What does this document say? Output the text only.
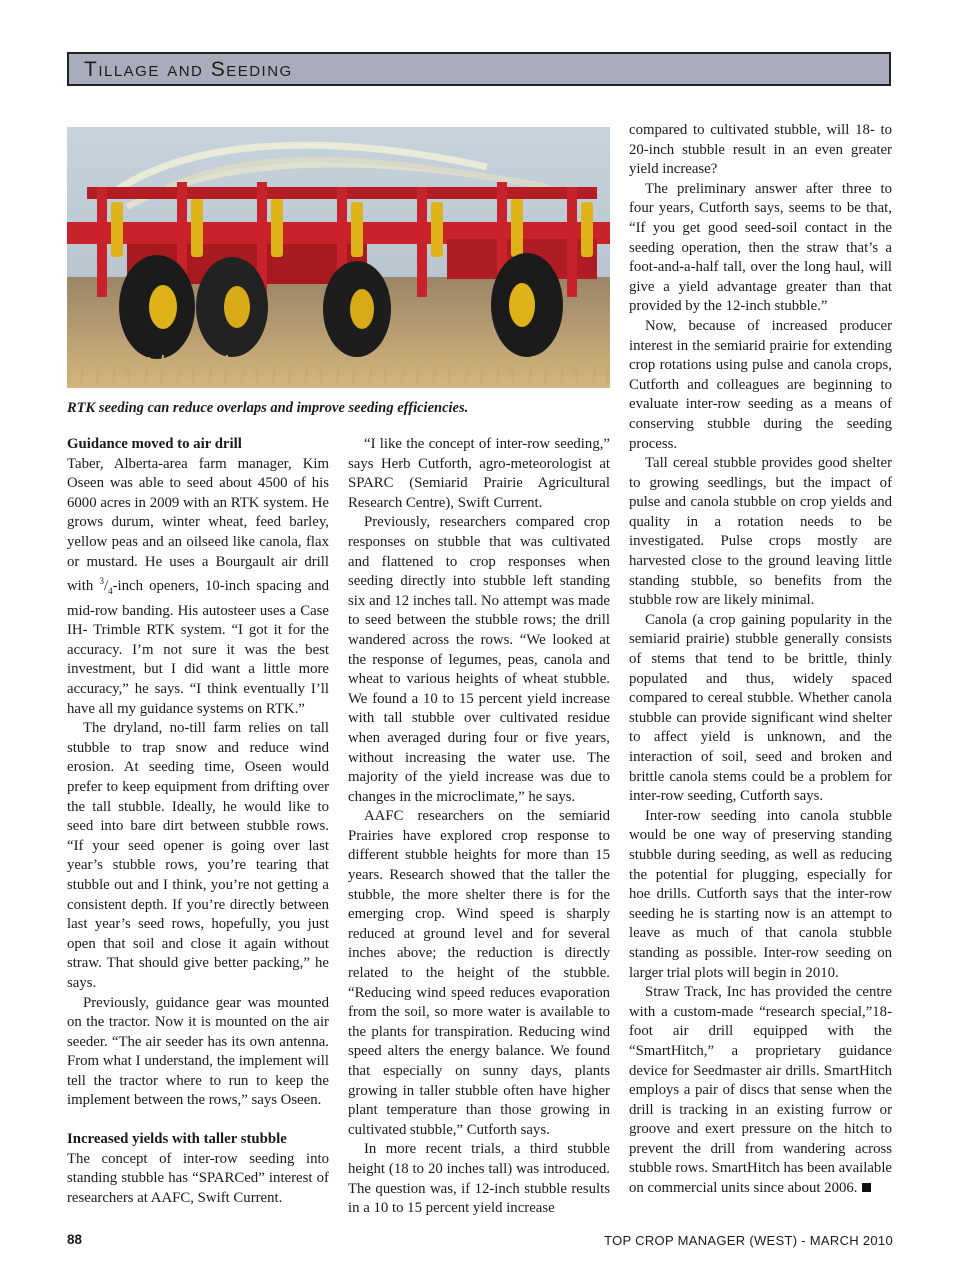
Tillage and Seeding
RTK seeding can reduce overlaps and improve seeding efficiencies.
Guidance moved to air drill

Taber, Alberta-area farm manager, Kim Oseen was able to seed about 4500 of his 6000 acres in 2009 with an RTK system. He grows durum, winter wheat, feed barley, yellow peas and an oilseed like canola, flax or mustard. He uses a Bourgault air drill with $^3/_4$-inch openers, 10-inch spacing and mid-row banding. His autosteer uses a Case IH- Trimble RTK system. “I got it for the accuracy. I’m not sure it was the best investment, but I did want a little more accuracy,” he says. “I think eventually I’ll have all my guidance systems on RTK.”

The dryland, no-till farm relies on tall stubble to trap snow and reduce wind erosion. At seeding time, Oseen would prefer to keep equipment from drifting over the tall stubble. Ideally, he would like to seed into bare dirt between stubble rows. “If your seed opener is going over last year’s stubble rows, you’re tearing that stubble out and I think, you’re not getting a consistent depth. If you’re directly between last year’s seed rows, hopefully, you just open that soil and close it again without straw. That should give better packing,” he says.

Previously, guidance gear was mounted on the tractor. Now it is mounted on the air seeder. “The air seeder has its own antenna. From what I understand, the implement will tell the tractor where to run to keep the implement between the rows,” says Oseen.

Increased yields with taller stubble

The concept of inter-row seeding into standing stubble has “SPARCed” interest of researchers at AAFC, Swift Current.

“I like the concept of inter-row seeding,” says Herb Cutforth, agro-meteorologist at SPARC (Semiarid Prairie Agricultural Research Centre), Swift Current.

Previously, researchers compared crop responses on stubble that was cultivated and flattened to crop responses when seeding directly into stubble left standing six and 12 inches tall. No attempt was made to seed between the stubble rows; the drill wandered across the rows. “We looked at the response of legumes, peas, canola and wheat to various heights of wheat stubble. We found a 10 to 15 percent yield increase with tall stubble over cultivated residue when averaged during four or five years, without increasing the water use. The majority of the yield increase was due to changes in the microclimate,” he says.

AAFC researchers on the semiarid Prairies have explored crop response to different stubble heights for more than 15 years. Research showed that the taller the stubble, the more shelter there is for the emerging crop. Wind speed is sharply reduced at ground level and for several inches above; the reduction is directly related to the height of the stubble. “Reducing wind speed reduces evaporation from the soil, so more water is available to the plants for transpiration. Reducing wind speed alters the energy balance. We found that especially on sunny days, plants growing in taller stubble often have higher plant temperature than those growing in cultivated stubble,” Cutforth says.

In more recent trials, a third stubble height (18 to 20 inches tall) was introduced. The question was, if 12-inch stubble results in a 10 to 15 percent yield increase

compared to cultivated stubble, will 18- to 20-inch stubble result in an even greater yield increase?

The preliminary answer after three to four years, Cutforth says, seems to be that, “If you get good seed-soil contact in the seeding operation, then the straw that’s a foot-and-a-half tall, over the long haul, will give a yield advantage greater than that provided by the 12-inch stubble.”

Now, because of increased producer interest in the semiarid prairie for extending crop rotations using pulse and canola crops, Cutforth and colleagues are beginning to evaluate inter-row seeding as a means of conserving stubble during the seeding process.

Tall cereal stubble provides good shelter to growing seedlings, but the impact of pulse and canola stubble on crop yields and quality in a rotation needs to be investigated. Pulse crops mostly are harvested close to the ground leaving little standing stubble, so benefits from the stubble row are likely minimal.

Canola (a crop gaining popularity in the semiarid prairie) stubble generally consists of stems that tend to be brittle, thinly populated and thus, widely spaced compared to cereal stubble. Whether canola stubble can provide significant wind shelter to affect yield is unknown, and the interaction of soil, seed and broken and brittle canola stems could be a problem for inter-row seeding, Cutforth says.

Inter-row seeding into canola stubble would be one way of preserving standing stubble during seeding, as well as reducing the potential for plugging, especially for hoe drills. Cutforth says that the inter-row seeding he is starting now is an attempt to leave as much of that canola stubble standing as possible. Inter-row seeding on larger trial plots will begin in 2010.

Straw Track, Inc has provided the centre with a custom-made “research special,”18-foot air drill equipped with the “SmartHitch,” a proprietary guidance device for Seedmaster air drills. SmartHitch employs a pair of discs that sense when the drill is tracking in an existing furrow or groove and exert pressure on the hitch to prevent the drill from wandering across stubble rows. SmartHitch has been available on commercial units since about 2006.

88	TOP CROP MANAGER (WEST) - MARCH 2010
